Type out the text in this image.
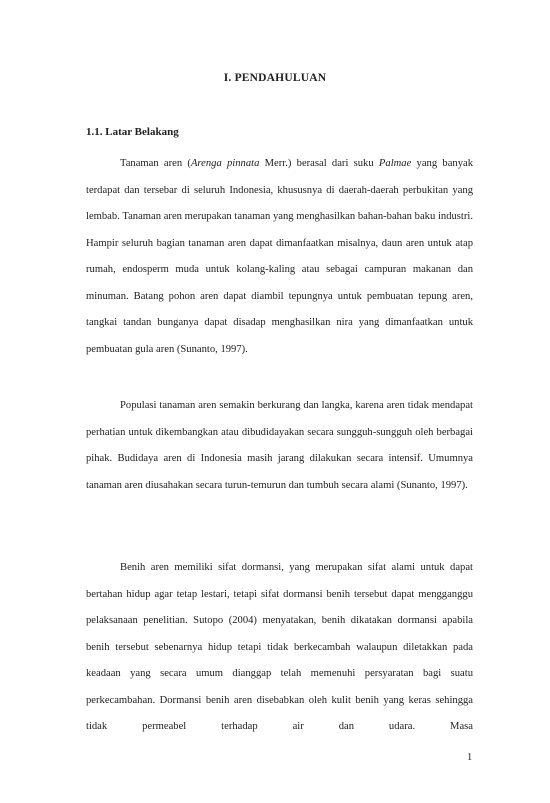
I. PENDAHULUAN
1.1. Latar Belakang

Tanaman aren (Arenga pinnata Merr.) berasal dari suku Palmae yang banyak terdapat dan tersebar di seluruh Indonesia, khususnya di daerah-daerah perbukitan yang lembab. Tanaman aren merupakan tanaman yang menghasilkan bahan-bahan baku industri. Hampir seluruh bagian tanaman aren dapat dimanfaatkan misalnya, daun aren untuk atap rumah, endosperm muda untuk kolang-kaling atau sebagai campuran makanan dan minuman. Batang pohon aren dapat diambil tepungnya untuk pembuatan tepung aren, tangkai tandan bunganya dapat disadap menghasilkan nira yang dimanfaatkan untuk pembuatan gula aren (Sunanto, 1997).

Populasi tanaman aren semakin berkurang dan langka, karena aren tidak mendapat perhatian untuk dikembangkan atau dibudidayakan secara sungguh-sungguh oleh berbagai pihak. Budidaya aren di Indonesia masih jarang dilakukan secara intensif. Umumnya tanaman aren diusahakan secara turun-temurun dan tumbuh secara alami (Sunanto, 1997).

Benih aren memiliki sifat dormansi, yang merupakan sifat alami untuk dapat bertahan hidup agar tetap lestari, tetapi sifat dormansi benih tersebut dapat mengganggu pelaksanaan penelitian. Sutopo (2004) menyatakan, benih dikatakan dormansi apabila benih tersebut sebenarnya hidup tetapi tidak berkecambah walaupun diletakkan pada keadaan yang secara umum dianggap telah memenuhi persyaratan bagi suatu perkecambahan. Dormansi benih aren disebabkan oleh kulit benih yang keras sehingga tidak permeabel terhadap air dan udara. Masa

1
